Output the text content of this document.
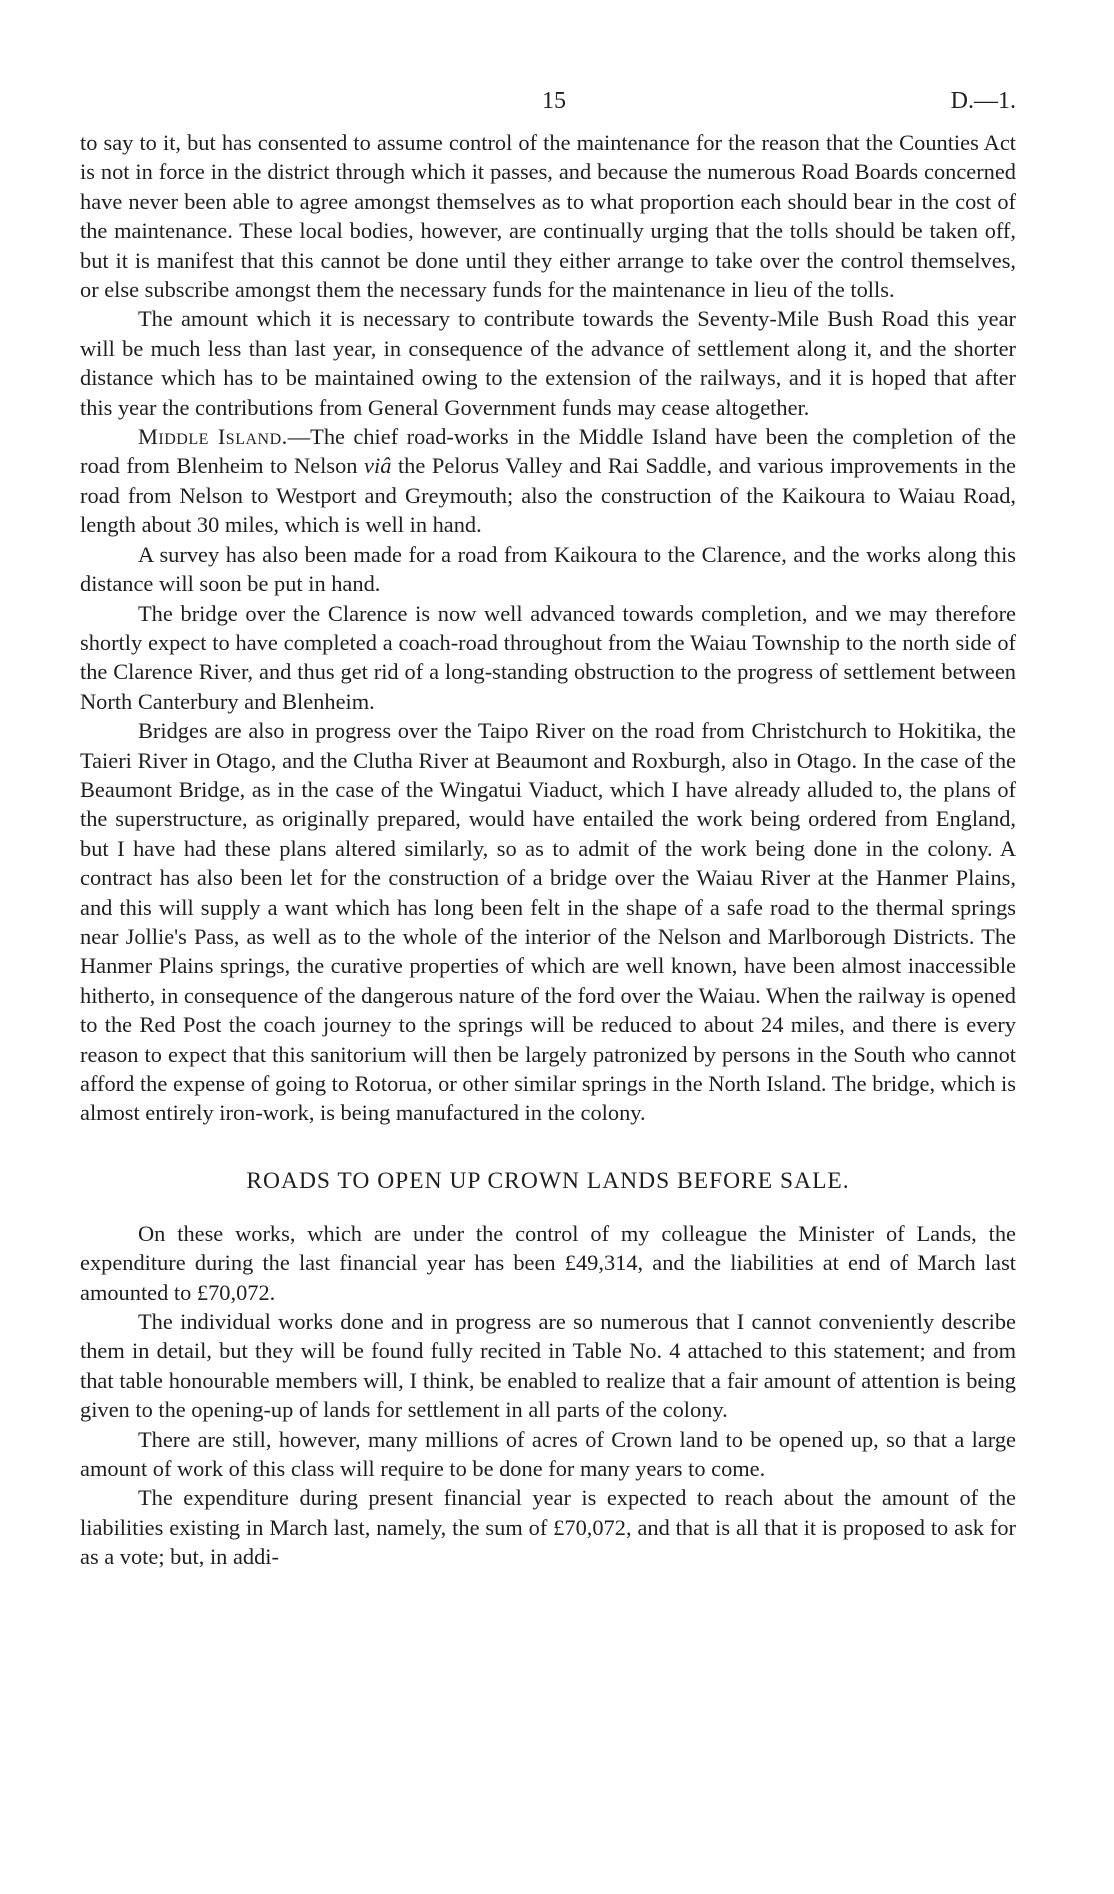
15	D.—1.

to say to it, but has consented to assume control of the maintenance for the reason that the Counties Act is not in force in the district through which it passes, and because the numerous Road Boards concerned have never been able to agree amongst themselves as to what proportion each should bear in the cost of the maintenance. These local bodies, however, are continually urging that the tolls should be taken off, but it is manifest that this cannot be done until they either arrange to take over the control themselves, or else subscribe amongst them the necessary funds for the maintenance in lieu of the tolls.

The amount which it is necessary to contribute towards the Seventy-Mile Bush Road this year will be much less than last year, in consequence of the advance of settlement along it, and the shorter distance which has to be maintained owing to the extension of the railways, and it is hoped that after this year the contributions from General Government funds may cease altogether.

Middle Island.—The chief road-works in the Middle Island have been the completion of the road from Blenheim to Nelson viâ the Pelorus Valley and Rai Saddle, and various improvements in the road from Nelson to Westport and Greymouth; also the construction of the Kaikoura to Waiau Road, length about 30 miles, which is well in hand.

A survey has also been made for a road from Kaikoura to the Clarence, and the works along this distance will soon be put in hand.

The bridge over the Clarence is now well advanced towards completion, and we may therefore shortly expect to have completed a coach-road throughout from the Waiau Township to the north side of the Clarence River, and thus get rid of a long-standing obstruction to the progress of settlement between North Canterbury and Blenheim.

Bridges are also in progress over the Taipo River on the road from Christchurch to Hokitika, the Taieri River in Otago, and the Clutha River at Beaumont and Roxburgh, also in Otago. In the case of the Beaumont Bridge, as in the case of the Wingatui Viaduct, which I have already alluded to, the plans of the superstructure, as originally prepared, would have entailed the work being ordered from England, but I have had these plans altered similarly, so as to admit of the work being done in the colony. A contract has also been let for the construction of a bridge over the Waiau River at the Hanmer Plains, and this will supply a want which has long been felt in the shape of a safe road to the thermal springs near Jollie's Pass, as well as to the whole of the interior of the Nelson and Marlborough Districts. The Hanmer Plains springs, the curative properties of which are well known, have been almost inaccessible hitherto, in consequence of the dangerous nature of the ford over the Waiau. When the railway is opened to the Red Post the coach journey to the springs will be reduced to about 24 miles, and there is every reason to expect that this sanitorium will then be largely patronized by persons in the South who cannot afford the expense of going to Rotorua, or other similar springs in the North Island. The bridge, which is almost entirely iron-work, is being manufactured in the colony.

ROADS TO OPEN UP CROWN LANDS BEFORE SALE.

On these works, which are under the control of my colleague the Minister of Lands, the expenditure during the last financial year has been £49,314, and the liabilities at end of March last amounted to £70,072.

The individual works done and in progress are so numerous that I cannot conveniently describe them in detail, but they will be found fully recited in Table No. 4 attached to this statement; and from that table honourable members will, I think, be enabled to realize that a fair amount of attention is being given to the opening-up of lands for settlement in all parts of the colony.

There are still, however, many millions of acres of Crown land to be opened up, so that a large amount of work of this class will require to be done for many years to come.

The expenditure during present financial year is expected to reach about the amount of the liabilities existing in March last, namely, the sum of £70,072, and that is all that it is proposed to ask for as a vote; but, in addi-
